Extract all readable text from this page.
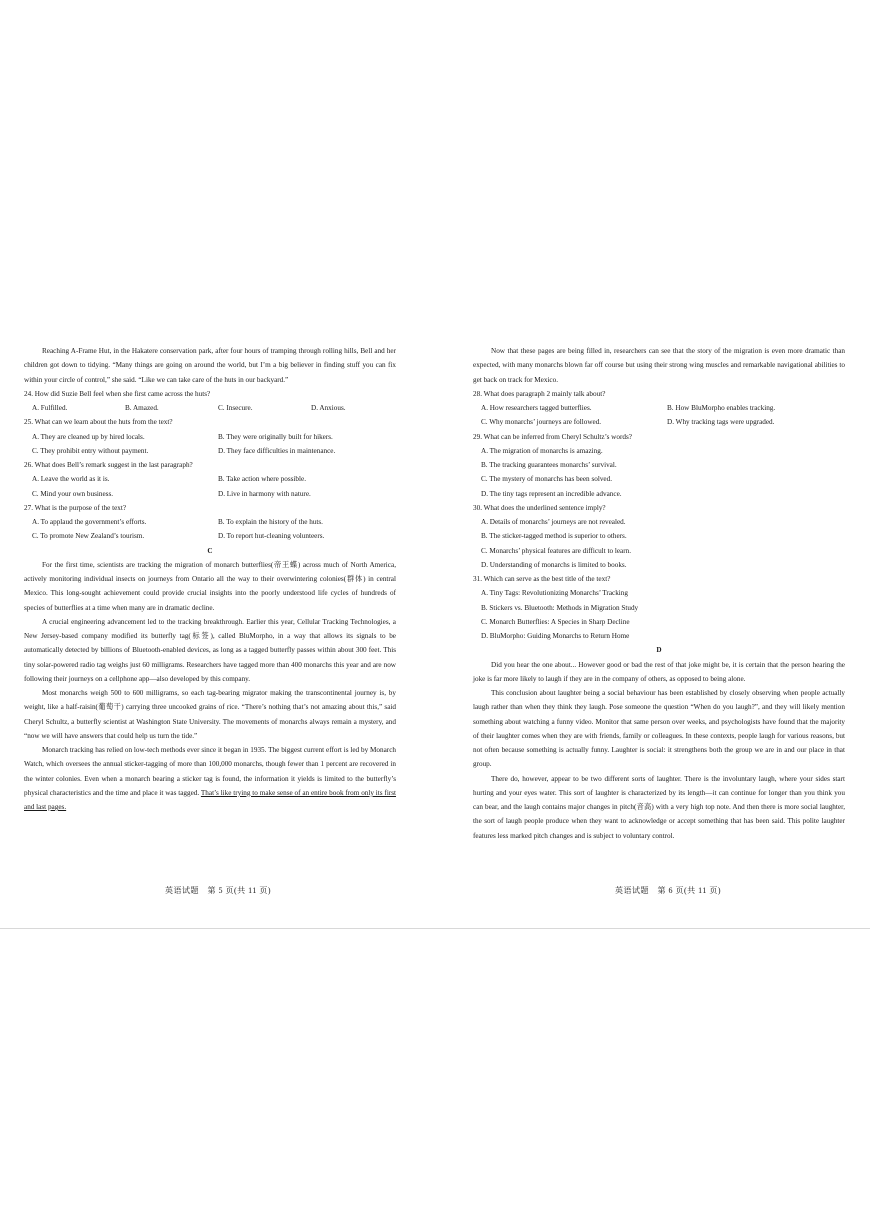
Reaching A-Frame Hut, in the Hakatere conservation park, after four hours of tramping through rolling hills, Bell and her children got down to tidying. “Many things are going on around the world, but I’m a big believer in finding stuff you can fix within your circle of control,” she said. “Like we can take care of the huts in our backyard.”

24. How did Suzie Bell feel when she first came across the huts?

A. Fulfilled.	B. Amazed.	C. Insecure.	D. Anxious.

25. What can we learn about the huts from the text?

A. They are cleaned up by hired locals.	B. They were originally built for hikers.
C. They prohibit entry without payment.	D. They face difficulties in maintenance.

26. What does Bell’s remark suggest in the last paragraph?

A. Leave the world as it is.	B. Take action where possible.
C. Mind your own business.	D. Live in harmony with nature.

27. What is the purpose of the text?

A. To applaud the government’s efforts.	B. To explain the history of the huts.
C. To promote New Zealand’s tourism.	D. To report hut-cleaning volunteers.

C

For the first time, scientists are tracking the migration of monarch butterflies(帝王蝶) across much of North America, actively monitoring individual insects on journeys from Ontario all the way to their overwintering colonies(群体) in central Mexico. This long-sought achievement could provide crucial insights into the poorly understood life cycles of hundreds of species of butterflies at a time when many are in dramatic decline.

A crucial engineering advancement led to the tracking breakthrough. Earlier this year, Cellular Tracking Technologies, a New Jersey-based company modified its butterfly tag(标签), called BluMorpho, in a way that allows its signals to be automatically detected by billions of Bluetooth-enabled devices, as long as a tagged butterfly passes within about 300 feet. This tiny solar-powered radio tag weighs just 60 milligrams. Researchers have tagged more than 400 monarchs this year and are now following their journeys on a cellphone app—also developed by this company.

Most monarchs weigh 500 to 600 milligrams, so each tag-bearing migrator making the transcontinental journey is, by weight, like a half-raisin(葡萄干) carrying three uncooked grains of rice. “There’s nothing that’s not amazing about this,” said Cheryl Schultz, a butterfly scientist at Washington State University. The movements of monarchs always remain a mystery, and “now we will have answers that could help us turn the tide.”

Monarch tracking has relied on low-tech methods ever since it began in 1935. The biggest current effort is led by Monarch Watch, which oversees the annual sticker-tagging of more than 100,000 monarchs, though fewer than 1 percent are recovered in the winter colonies. Even when a monarch bearing a sticker tag is found, the information it yields is limited to the butterfly’s physical characteristics and the time and place it was tagged. That’s like trying to make sense of an entire book from only its first and last pages.

英语试题　第 5 页(共 11 页)

Now that these pages are being filled in, researchers can see that the story of the migration is even more dramatic than expected, with many monarchs blown far off course but using their strong wing muscles and remarkable navigational abilities to get back on track for Mexico.

28. What does paragraph 2 mainly talk about?

A. How researchers tagged butterflies.	B. How BluMorpho enables tracking.
C. Why monarchs’ journeys are followed.	D. Why tracking tags were upgraded.

29. What can be inferred from Cheryl Schultz’s words?

A. The migration of monarchs is amazing.
B. The tracking guarantees monarchs’ survival.
C. The mystery of monarchs has been solved.
D. The tiny tags represent an incredible advance.

30. What does the underlined sentence imply?

A. Details of monarchs’ journeys are not revealed.
B. The sticker-tagged method is superior to others.
C. Monarchs’ physical features are difficult to learn.
D. Understanding of monarchs is limited to books.

31. Which can serve as the best title of the text?

A. Tiny Tags: Revolutionizing Monarchs’ Tracking
B. Stickers vs. Bluetooth: Methods in Migration Study
C. Monarch Butterflies: A Species in Sharp Decline
D. BluMorpho: Guiding Monarchs to Return Home

D

Did you hear the one about... However good or bad the rest of that joke might be, it is certain that the person hearing the joke is far more likely to laugh if they are in the company of others, as opposed to being alone.

This conclusion about laughter being a social behaviour has been established by closely observing when people actually laugh rather than when they think they laugh. Pose someone the question “When do you laugh?”, and they will likely mention something about watching a funny video. Monitor that same person over weeks, and psychologists have found that the majority of their laughter comes when they are with friends, family or colleagues. In these contexts, people laugh for various reasons, but not often because something is actually funny. Laughter is social: it strengthens both the group we are in and our place in that group.

There do, however, appear to be two different sorts of laughter. There is the involuntary laugh, where your sides start hurting and your eyes water. This sort of laughter is characterized by its length—it can continue for longer than you think you can bear, and the laugh contains major changes in pitch(音高) with a very high top note. And then there is more social laughter, the sort of laugh people produce when they want to acknowledge or accept something that has been said. This polite laughter features less marked pitch changes and is subject to voluntary control.

英语试题　第 6 页(共 11 页)
